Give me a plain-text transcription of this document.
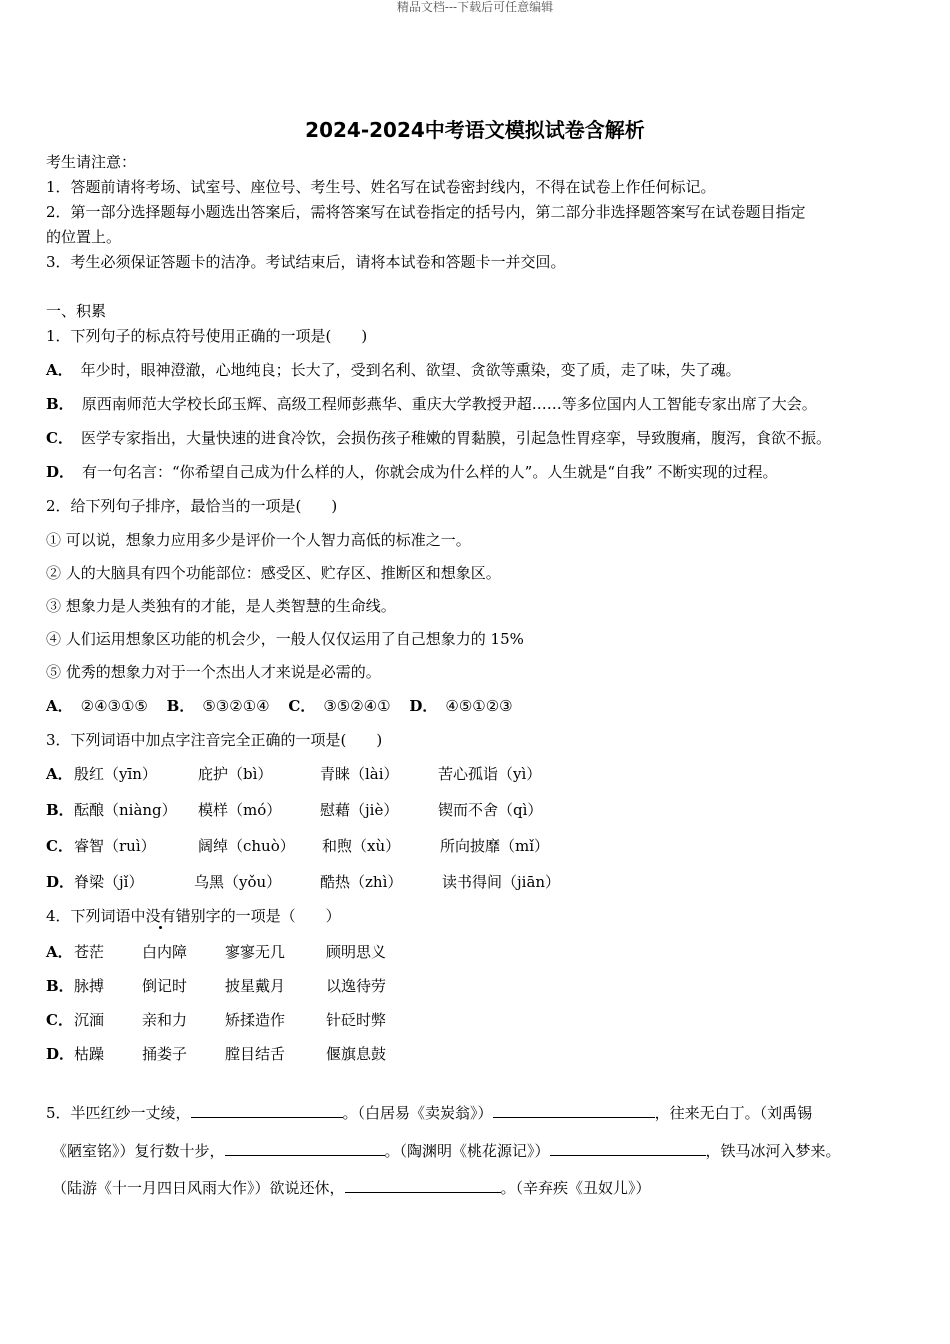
精品文档---下载后可任意编辑
2024-2024中考语文模拟试卷含解析
考生请注意：
1．答题前请将考场、试室号、座位号、考生号、姓名写在试卷密封线内，不得在试卷上作任何标记。
2．第一部分选择题每小题选出答案后，需将答案写在试卷指定的括号内，第二部分非选择题答案写在试卷题目指定
的位置上。
3．考生必须保证答题卡的洁净。考试结束后，请将本试卷和答题卡一并交回。
一、积累
1．下列句子的标点符号使用正确的一项是(　　)
A． 年少时，眼神澄澈，心地纯良；长大了，受到名利、欲望、贪欲等熏染，变了质，走了味，失了魂。
B． 原西南师范大学校长邱玉辉、高级工程师彭燕华、重庆大学教授尹超……等多位国内人工智能专家出席了大会。
C． 医学专家指出，大量快速的进食冷饮，会损伤孩子稚嫩的胃黏膜，引起急性胃痉挛，导致腹痛，腹泻，食欲不振。
D． 有一句名言：“你希望自己成为什么样的人，你就会成为什么样的人”。人生就是“自我” 不断实现的过程。
2．给下列句子排序，最恰当的一项是(　　)
① 可以说，想象力应用多少是评价一个人智力高低的标准之一。
② 人的大脑具有四个功能部位：感受区、贮存区、推断区和想象区。
③ 想象力是人类独有的才能，是人类智慧的生命线。
④ 人们运用想象区功能的机会少，一般人仅仅运用了自己想象力的 15%
⑤ 优秀的想象力对于一个杰出人才来说是必需的。
A． ②④③①⑤ B． ⑤③②①④ C． ③⑤②④① D． ④⑤①②③
3．下列词语中加点字注音完全正确的一项是(　　)
A． 殷红（yīn）	庇护（bì）	青睐（lài）	苦心孤诣（yì）
B． 酝酿（niàng） 模样（mó）	慰藉（jiè）	锲而不舍（qì）
C． 睿智（ruì）	阔绰（chuò） 和煦（xù）	所向披靡（mǐ）
D． 脊梁（jǐ）	乌黑（yǒu）	酷热（zhì）	读书得间（jiān）
4．下列词语中没有错别字的一项是（　　）
A． 苍茫	白内障	寥寥无几	顾明思义
B． 脉搏	倒记时	披星戴月	以逸待劳
C． 沉湎	亲和力	矫揉造作	针砭时弊
D． 枯躁	捅娄子	膛目结舌	偃旗息鼓
5．半匹红纱一丈绫，	。（白居易《卖炭翁》）	，往来无白丁。（刘禹锡
《陋室铭》）复行数十步，	。（陶渊明《桃花源记》）	，铁马冰河入梦来。
（陆游《十一月四日风雨大作》）欲说还休，	。（辛弃疾《丑奴儿》）
